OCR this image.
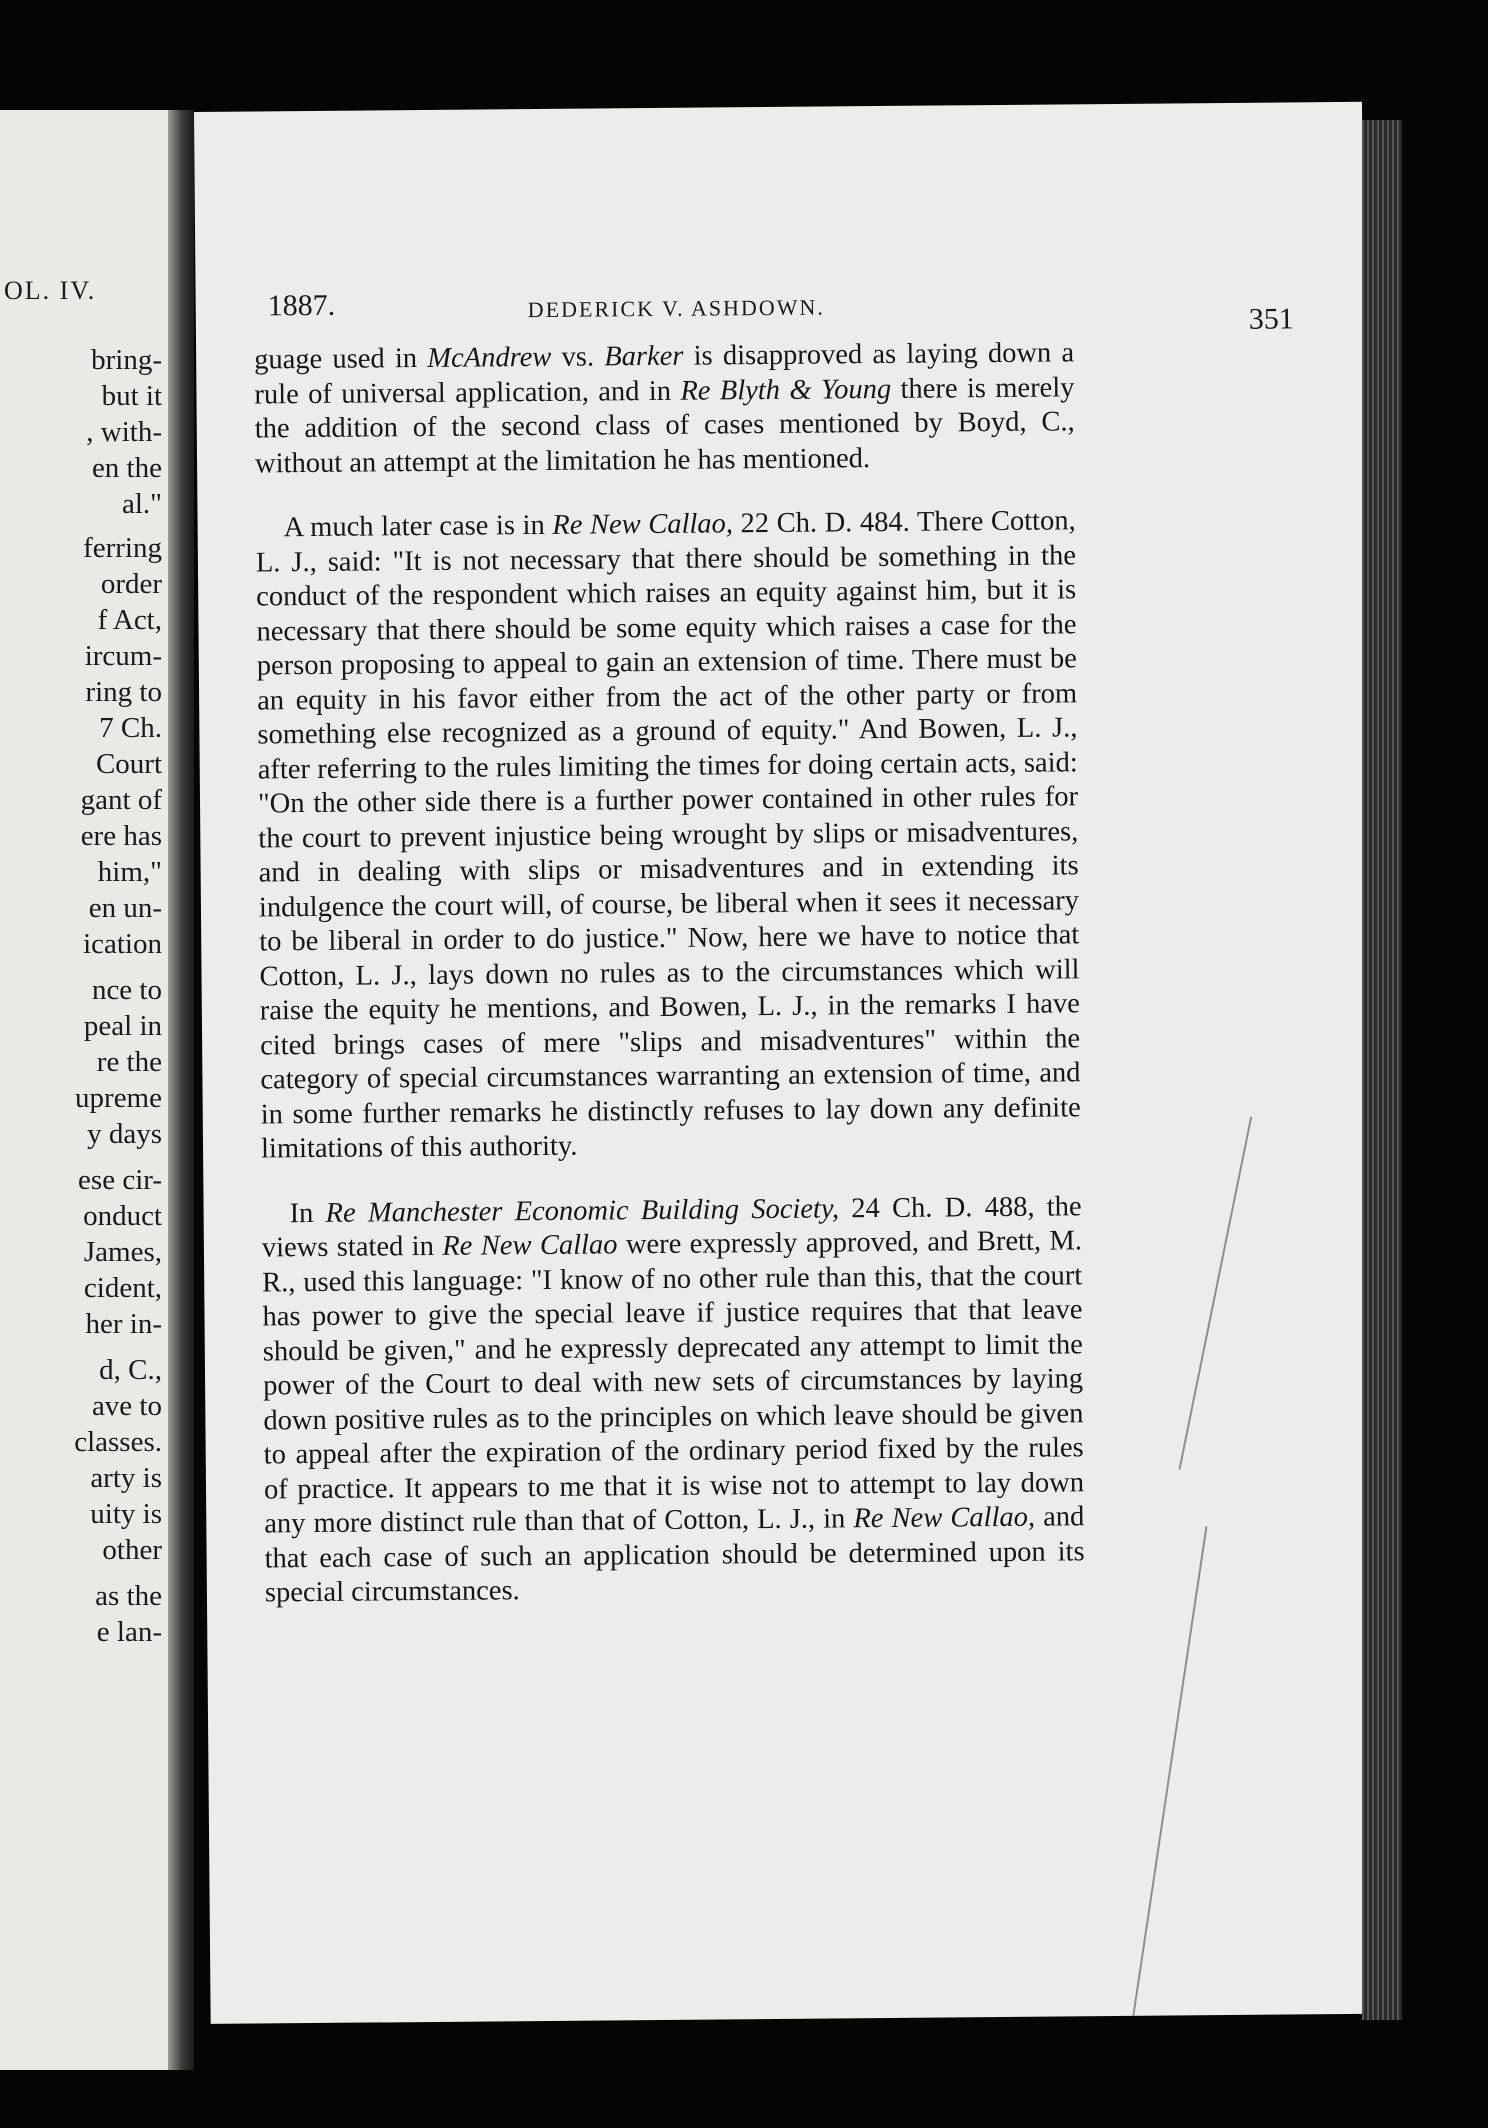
OL. IV.
bring-
but it
, with-
en the
al."
ferring
order
f Act,
ircum-
ring to
7 Ch.
Court
gant of
ere has
him,"
en un-
ication
nce to
peal in
re the
upreme
y days
ese cir-
onduct
James,
cident,
her in-
d, C.,
ave to
classes.
arty is
uity is
other
as the
e lan-
1887.	DEDERICK V. ASHDOWN.	351

guage used in McAndrew vs. Barker is disapproved as laying down a rule of universal application, and in Re Blyth & Young there is merely the addition of the second class of cases mentioned by Boyd, C., without an attempt at the limitation he has mentioned.

A much later case is in Re New Callao, 22 Ch. D. 484. There Cotton, L. J., said: "It is not necessary that there should be something in the conduct of the respondent which raises an equity against him, but it is necessary that there should be some equity which raises a case for the person proposing to appeal to gain an extension of time. There must be an equity in his favor either from the act of the other party or from something else recognized as a ground of equity." And Bowen, L. J., after referring to the rules limiting the times for doing certain acts, said: "On the other side there is a further power contained in other rules for the court to prevent injustice being wrought by slips or misadventures, and in dealing with slips or misadventures and in extending its indulgence the court will, of course, be liberal when it sees it necessary to be liberal in order to do justice." Now, here we have to notice that Cotton, L. J., lays down no rules as to the circumstances which will raise the equity he mentions, and Bowen, L. J., in the remarks I have cited brings cases of mere "slips and misadventures" within the category of special circumstances warranting an extension of time, and in some further remarks he distinctly refuses to lay down any definite limitations of this authority.

In Re Manchester Economic Building Society, 24 Ch. D. 488, the views stated in Re New Callao were expressly approved, and Brett, M. R., used this language: "I know of no other rule than this, that the court has power to give the special leave if justice requires that that leave should be given," and he expressly deprecated any attempt to limit the power of the Court to deal with new sets of circumstances by laying down positive rules as to the principles on which leave should be given to appeal after the expiration of the ordinary period fixed by the rules of practice. It appears to me that it is wise not to attempt to lay down any more distinct rule than that of Cotton, L. J., in Re New Callao, and that each case of such an application should be determined upon its special circumstances.
